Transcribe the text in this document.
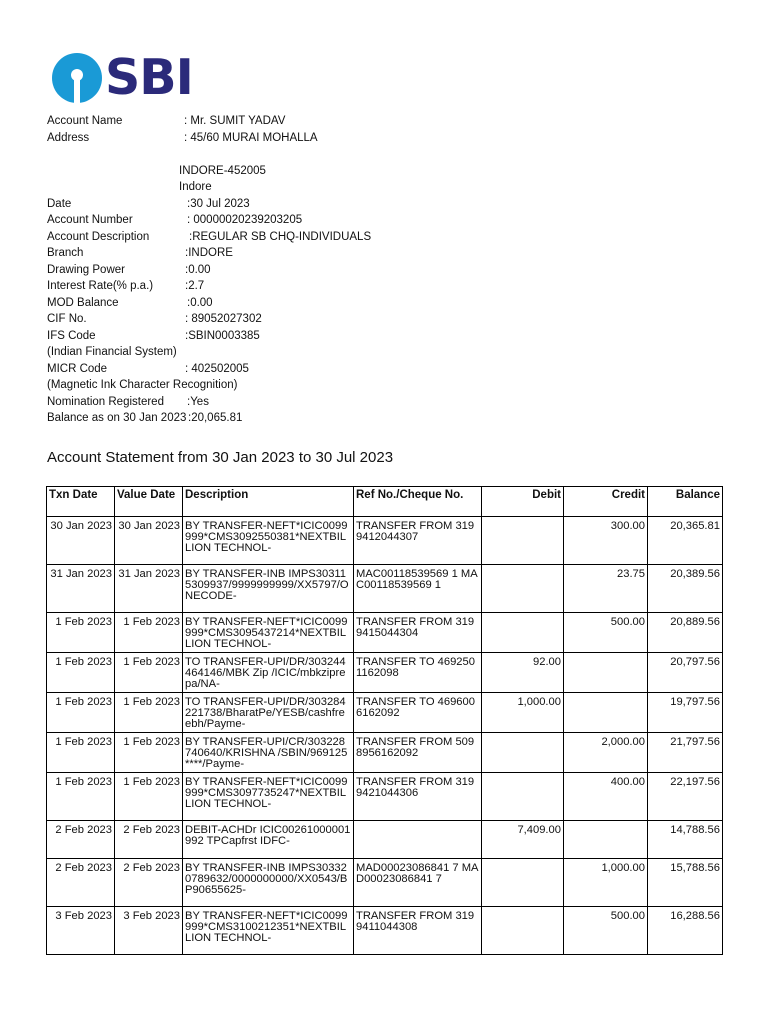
SBI
Account Name	: Mr. SUMIT YADAV
Address	: 45/60 MURAI MOHALLA
INDORE-452005
Indore
Date	:30 Jul 2023
Account Number	: 00000020239203205
Account Description	:REGULAR SB CHQ-INDIVIDUALS
Branch	:INDORE
Drawing Power	:0.00
Interest Rate(% p.a.)	:2.7
MOD Balance	:0.00
CIF No.	: 89052027302
IFS Code	:SBIN0003385
(Indian Financial System)
MICR Code	: 402502005
(Magnetic Ink Character Recognition)
Nomination Registered :Yes
Balance as on 30 Jan 2023 :20,065.81
Account Statement from 30 Jan 2023 to 30 Jul 2023
Txn Date	Value Date	Description	Ref No./Cheque No.	Debit	Credit	Balance
30 Jan 2023	30 Jan 2023	BY TRANSFER-NEFT*ICIC0099999*CMS3092550381*NEXTBILLION TECHNOL-	TRANSFER FROM 3199412044307		300.00	20,365.81
31 Jan 2023	31 Jan 2023	BY TRANSFER-INB IMPS303115309937/9999999999/XX5797/ONECODE-	MAC00118539569 1 MAC00118539569 1		23.75	20,389.56
1 Feb 2023	1 Feb 2023	BY TRANSFER-NEFT*ICIC0099999*CMS3095437214*NEXTBILLION TECHNOL-	TRANSFER FROM 3199415044304		500.00	20,889.56
1 Feb 2023	1 Feb 2023	TO TRANSFER-UPI/DR/303244464146/MBK Zip /ICIC/mbkziprepa/NA-	TRANSFER TO 4692501162098	92.00		20,797.56
1 Feb 2023	1 Feb 2023	TO TRANSFER-UPI/DR/303284221738/BharatPe/YESB/cashfreebh/Payme-	TRANSFER TO 4696006162092	1,000.00		19,797.56
1 Feb 2023	1 Feb 2023	BY TRANSFER-UPI/CR/303228740640/KRISHNA /SBIN/969125****/Payme-	TRANSFER FROM 5098956162092		2,000.00	21,797.56
1 Feb 2023	1 Feb 2023	BY TRANSFER-NEFT*ICIC0099999*CMS3097735247*NEXTBILLION TECHNOL-	TRANSFER FROM 3199421044306		400.00	22,197.56
2 Feb 2023	2 Feb 2023	DEBIT-ACHDr ICIC00261000001992 TPCapfrst IDFC-		7,409.00		14,788.56
2 Feb 2023	2 Feb 2023	BY TRANSFER-INB IMPS303320789632/0000000000/XX0543/BP90655625-	MAD00023086841 7 MAD00023086841 7		1,000.00	15,788.56
3 Feb 2023	3 Feb 2023	BY TRANSFER-NEFT*ICIC0099999*CMS3100212351*NEXTBILLION TECHNOL-	TRANSFER FROM 3199411044308		500.00	16,288.56
